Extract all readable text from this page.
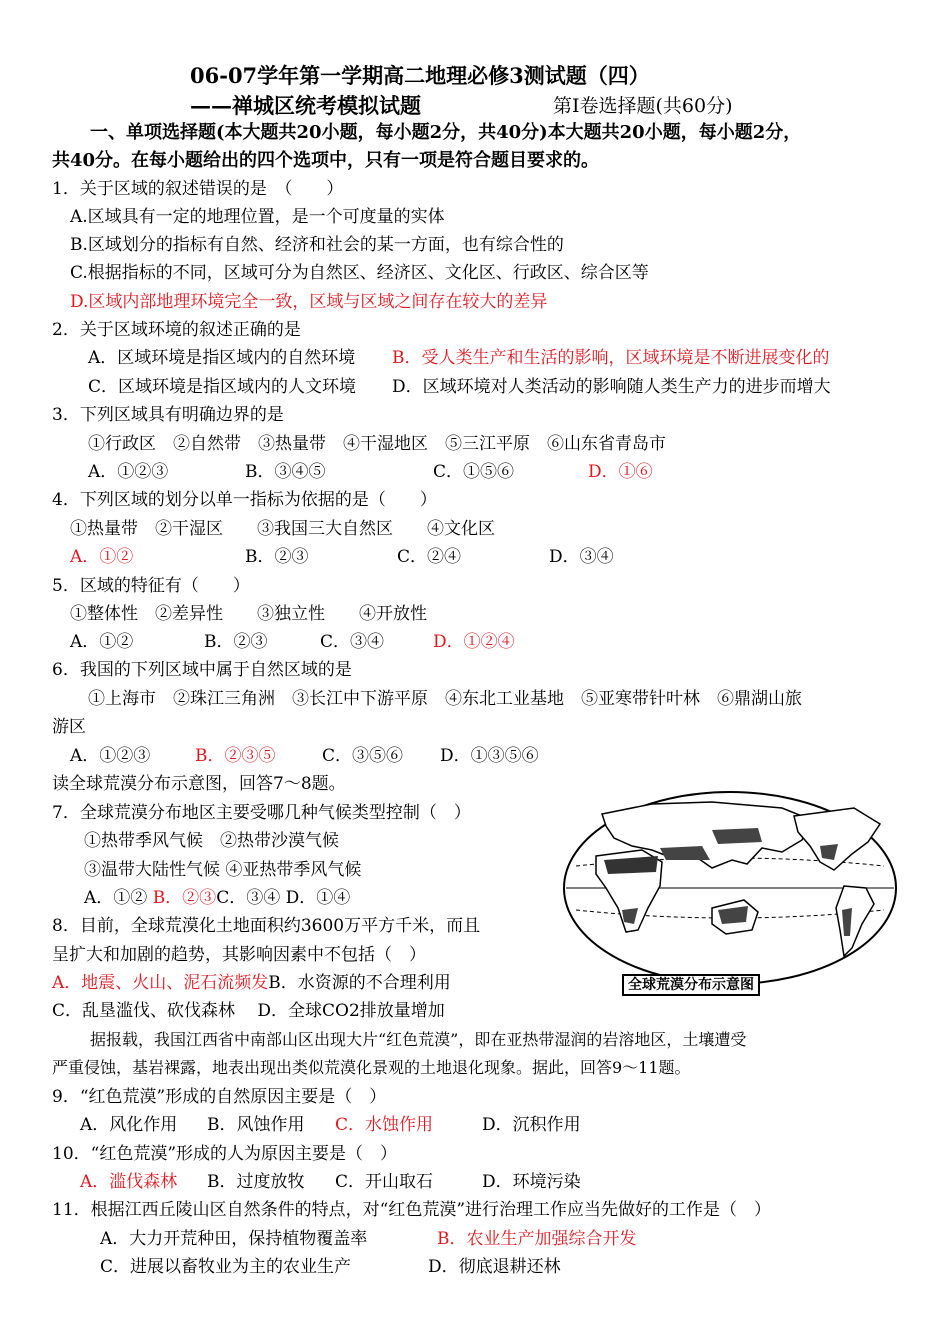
06-07学年第一学期高二地理必修3测试题（四）
——禅城区统考模拟试题	第Ⅰ卷选择题(共60分)
一、单项选择题(本大题共20小题，每小题2分，共40分)本大题共20小题，每小题2分，
共40分。在每小题给出的四个选项中，只有一项是符合题目要求的。
1．关于区域的叙述错误的是　（　　）
A.区域具有一定的地理位置，是一个可度量的实体
B.区域划分的指标有自然、经济和社会的某一方面，也有综合性的
C.根据指标的不同，区域可分为自然区、经济区、文化区、行政区、综合区等
D.区域内部地理环境完全一致，区域与区域之间存在较大的差异
2．关于区域环境的叙述正确的是
A．区域环境是指区域内的自然环境 B．受人类生产和生活的影响，区域环境是不断进展变化的
C．区域环境是指区域内的人文环境 D．区域环境对人类活动的影响随人类生产力的进步而增大
3．下列区域具有明确边界的是
①行政区　②自然带　③热量带　④干湿地区　⑤三江平原　⑥山东省青岛市
A．①②③	B．③④⑤	C．①⑤⑥	D．①⑥
4．下列区域的划分以单一指标为依据的是（　　）
①热量带　②干湿区　　③我国三大自然区　　④文化区
A．①②	B．②③	C．②④	D．③④
5．区域的特征有（　　）
①整体性　②差异性　　③独立性　　④开放性
A．①②	B．②③	C．③④	D．①②④
6．我国的下列区域中属于自然区域的是
①上海市　②珠江三角洲　③长江中下游平原　④东北工业基地　⑤亚寒带针叶林　⑥鼎湖山旅
游区
A．①②③	B．②③⑤	C．③⑤⑥ D．①③⑤⑥
读全球荒漠分布示意图，回答7～8题。
7．全球荒漠分布地区主要受哪几种气候类型控制（　）
①热带季风气候　②热带沙漠气候
③温带大陆性气候 ④亚热带季风气候
A．①② B．②③C．③④ D．①④
8．目前，全球荒漠化土地面积约3600万平方千米，而且
呈扩大和加剧的趋势，其影响因素中不包括（　）
A．地震、火山、泥石流频发B．水资源的不合理利用
C．乱垦滥伐、砍伐森林　 D．全球CO2排放量增加
全球荒漠分布示意图
据报载，我国江西省中南部山区出现大片“红色荒漠”，即在亚热带湿润的岩溶地区，土壤遭受
严重侵蚀，基岩裸露，地表出现出类似荒漠化景观的土地退化现象。据此，回答9～11题。
9．“红色荒漠”形成的自然原因主要是（　）
A．风化作用 B．风蚀作用 C．水蚀作用	D．沉积作用
10．“红色荒漠”形成的人为原因主要是（　）
A．滥伐森林 B．过度放牧 C．开山取石	D．环境污染
11．根据江西丘陵山区自然条件的特点，对“红色荒漠”进行治理工作应当先做好的工作是（　）
A．大力开荒种田，保持植物覆盖率	B．农业生产加强综合开发
C．进展以畜牧业为主的农业生产	D．彻底退耕还林
